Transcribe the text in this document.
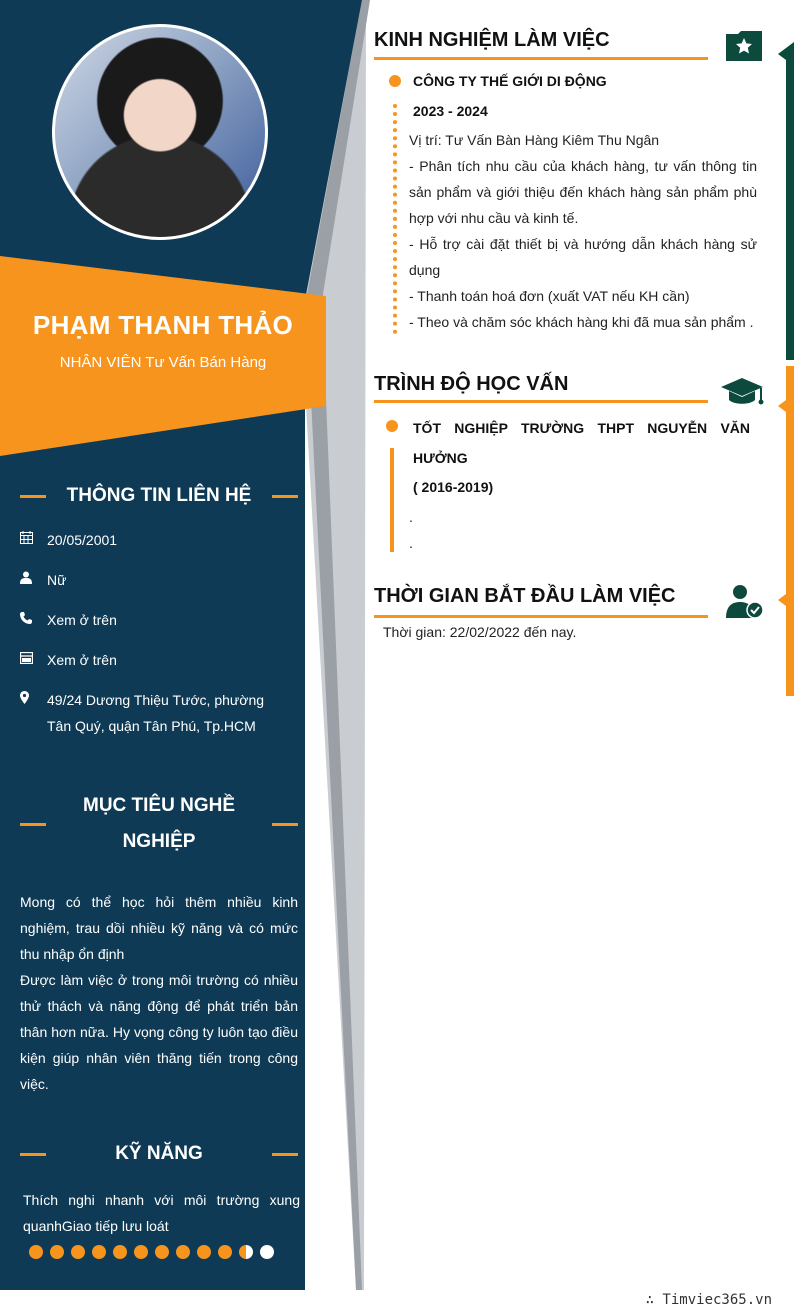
PHẠM THANH THẢO
NHÂN VIÊN Tư Vấn Bán Hàng
THÔNG TIN LIÊN HỆ
20/05/2001
Nữ
Xem ở trên
Xem ở trên
49/24 Dương Thiệu Tước, phường Tân Quý, quận Tân Phú, Tp.HCM
MỤC TIÊU NGHỀ
NGHIỆP
Mong có thể học hỏi thêm nhiều kinh nghiệm, trau dồi nhiều kỹ năng và có mức thu nhập ổn định
Được làm việc ở trong môi trường có nhiều thử thách và năng động để phát triển bản thân hơn nữa. Hy vọng công ty luôn tạo điều kiện giúp nhân viên thăng tiến trong công việc.
KỸ NĂNG
Thích nghi nhanh với môi trường xung quanhGiao tiếp lưu loát
KINH NGHIỆM LÀM VIỆC
CÔNG TY THẾ GIỚI DI ĐỘNG
2023 - 2024
Vị trí: Tư Vấn Bàn Hàng Kiêm Thu Ngân
- Phân tích nhu cầu của khách hàng, tư vấn thông tin sản phẩm và giới thiệu đến khách hàng sản phẩm phù hợp với nhu cầu và kinh tế.
- Hỗ trợ cài đặt thiết bị và hướng dẫn khách hàng sử dụng
- Thanh toán hoá đơn (xuất VAT nếu KH cần)
- Theo và chăm sóc khách hàng khi đã mua sản phẩm .
TRÌNH ĐỘ HỌC VẤN
TỐT NGHIỆP TRƯỜNG THPT NGUYỄN VĂN HƯỞNG
( 2016-2019)
.
.
THỜI GIAN BẮT ĐẦU LÀM VIỆC
Thời gian: 22/02/2022 đến nay.
∴ Timviec365.vn
